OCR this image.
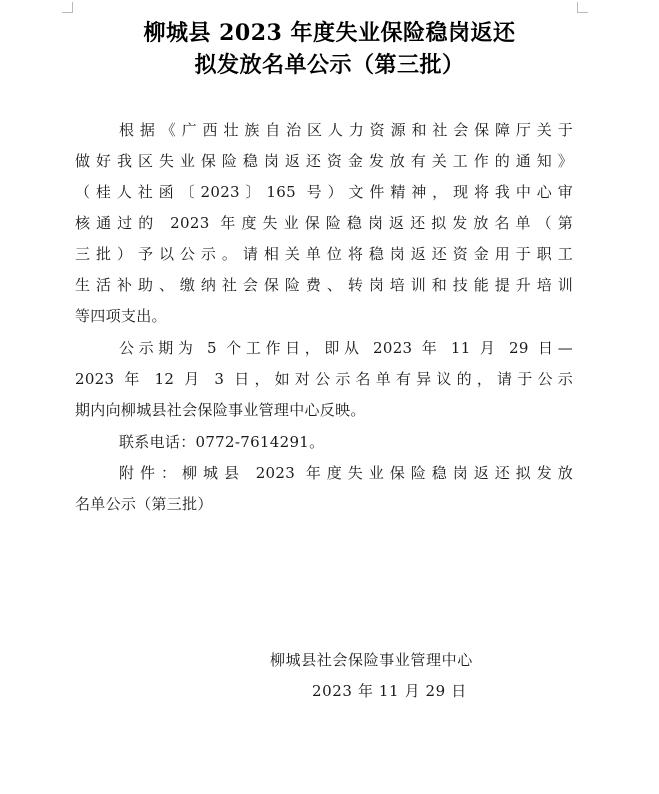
柳城县 2023 年度失业保险稳岗返还
拟发放名单公示（第三批）
根据《广西壮族自治区人力资源和社会保障厅关于
做好我区失业保险稳岗返还资金发放有关工作的通知》
（桂人社函〔2023〕165 号）文件精神，现将我中心审
核通过的 2023 年度失业保险稳岗返还拟发放名单（第
三批）予以公示。请相关单位将稳岗返还资金用于职工
生活补助、缴纳社会保险费、转岗培训和技能提升培训
等四项支出。
公示期为 5 个工作日，即从 2023 年 11 月 29 日—
2023 年 12 月 3 日，如对公示名单有异议的，请于公示
期内向柳城县社会保险事业管理中心反映。
联系电话：0772-7614291。
附件：柳城县 2023 年度失业保险稳岗返还拟发放
名单公示（第三批）
柳城县社会保险事业管理中心
2023 年 11 月 29 日
